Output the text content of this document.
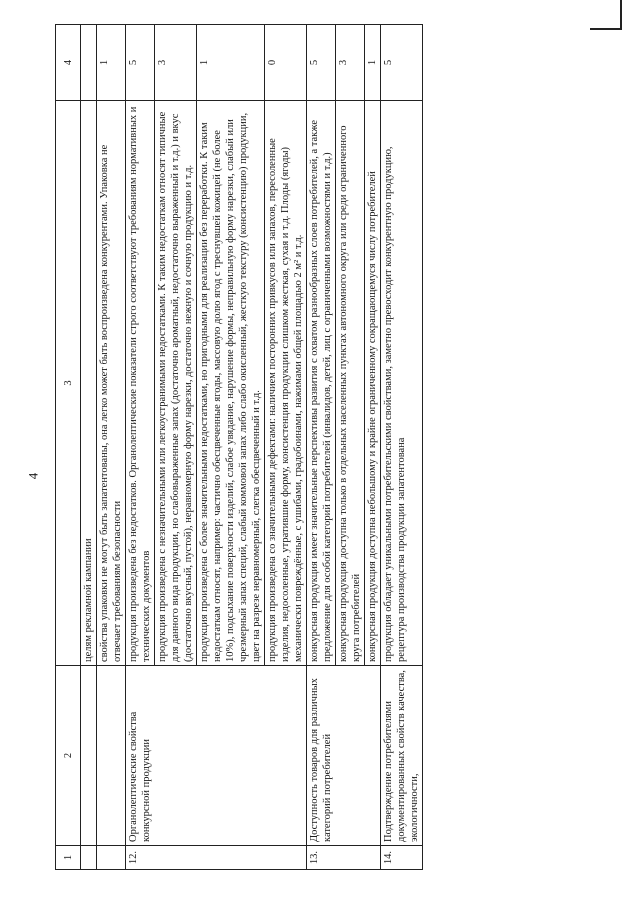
4
1	2	3	4
		целям рекламной кампании	
		свойства упаковки не могут быть запатентованы, она легко может быть воспроизведена конкурентами. Упаковка не отвечает требованиям безопасности	1
12.	Органолептические свойства конкурсной продукции	продукция произведена без недостатков. Органолептические показатели строго соответствуют требованиям нормативных и технических документов	5
		продукция произведена с незначительными или легкоустранимыми недостатками. К таким недостаткам относят типичные для данного вида продукции, но слабовыраженные запах (достаточно ароматный, недостаточно выраженный и т.д.) и вкус (достаточно вкусный, пустой), неравномерную форму нарезки, достаточно нежную и сочную продукцию и т.д.	3
		продукция произведена с более значительными недостатками, но пригодными для реализации без переработки. К таким недостаткам относят, например: частично обесцвеченные ягоды, массовую долю ягод с треснувшей кожицей (не более 10%), подсыхание поверхности изделий, слабое увядание, нарушение формы, неправильную форму нарезки, слабый или чрезмерный запах специй, слабый коммовой запах либо слабо окисленный, жесткую текстуру (консистенцию) продукции, цвет на разрезе неравномерный, слегка обесцвеченный и т.д.	1
		продукция произведена со значительными дефектами: наличием посторонних привкусов или запахов, пересоленные изделия, недосоленные, утратившие форму, консистенция продукции слишком жесткая, сухая и т.д. Плоды (ягоды) механически повреждённые, с ушибами, градобоинами, нажимами общей площадью 2 м² и т.д.	0
13.	Доступность товаров для различных категорий потребителей	конкурсная продукция имеет значительные перспективы развития с охватом разнообразных слоев потребителей, а также предложение для особой категорий потребителей (инвалидов, детей, лиц с ограниченными возможностями и т.д.)	5
		конкурсная продукция доступна только в отдельных населенных пунктах автономного округа или среди ограниченного круга потребителей	3
		конкурсная продукция доступна небольшому и крайне ограниченному сокращающемуся числу потребителей	1
14.	Подтверждение потребителями документированных свойств качества, экологичности,	продукция обладает уникальными потребительскими свойствами, заметно превосходит конкурентную продукцию, рецептура производства продукции запатентована	5
